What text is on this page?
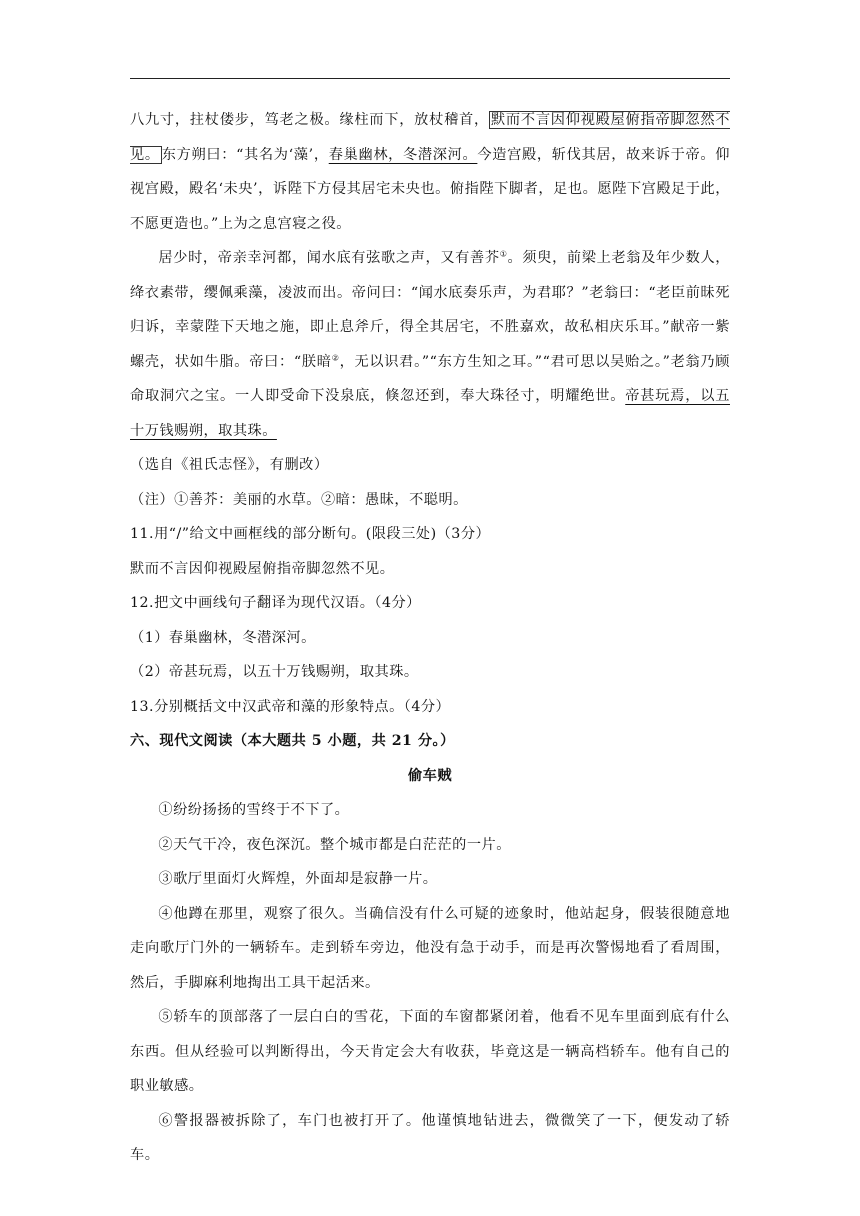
八九寸，拄杖偻步，笃老之极。缘柱而下，放杖稽首， 默而不言因仰视殿屋俯指帝脚忽然不见。 东方朔曰：“其名为‘藻’，春巢幽林，冬潜深河。今造宫殿，斩伐其居，故来诉于帝。仰视宫殿，殿名‘未央’，诉陛下方侵其居宅未央也。俯指陛下脚者，足也。愿陛下宫殿足于此，不愿更造也。”上为之息宫寝之役。

居少时，帝亲幸河都，闻水底有弦歌之声，又有善芥①。须臾，前梁上老翁及年少数人，绛衣素带，缨佩乘藻，凌波而出。帝问曰：“闻水底奏乐声，为君耶？”老翁曰：“老臣前昧死归诉，幸蒙陛下天地之施，即止息斧斤，得全其居宅，不胜嘉欢，故私相庆乐耳。”献帝一紫螺壳，状如牛脂。帝曰：“朕暗②，无以识君。”“东方生知之耳。”“君可思以吴贻之。”老翁乃顾命取洞穴之宝。一人即受命下没泉底，倏忽还到，奉大珠径寸，明耀绝世。帝甚玩焉，以五十万钱赐朔，取其珠。

（选自《祖氏志怪》，有删改）

（注）①善芥：美丽的水草。②暗：愚昧，不聪明。

11.用“/”给文中画框线的部分断句。(限段三处)（3分）

默而不言因仰视殿屋俯指帝脚忽然不见。

12.把文中画线句子翻译为现代汉语。（4分）

（1）春巢幽林，冬潜深河。

（2）帝甚玩焉，以五十万钱赐朔，取其珠。

13.分别概括文中汉武帝和藻的形象特点。（4分）

六、现代文阅读（本大题共 5 小题，共 21 分。）

偷车贼

①纷纷扬扬的雪终于不下了。

②天气干冷，夜色深沉。整个城市都是白茫茫的一片。

③歌厅里面灯火辉煌，外面却是寂静一片。

④他蹲在那里，观察了很久。当确信没有什么可疑的迹象时，他站起身，假装很随意地走向歌厅门外的一辆轿车。走到轿车旁边，他没有急于动手，而是再次警惕地看了看周围，然后，手脚麻利地掏出工具干起活来。

⑤轿车的顶部落了一层白白的雪花，下面的车窗都紧闭着，他看不见车里面到底有什么东西。但从经验可以判断得出，今天肯定会大有收获，毕竟这是一辆高档轿车。他有自己的职业敏感。

⑥警报器被拆除了，车门也被打开了。他谨慎地钻进去，微微笑了一下，便发动了轿车。
